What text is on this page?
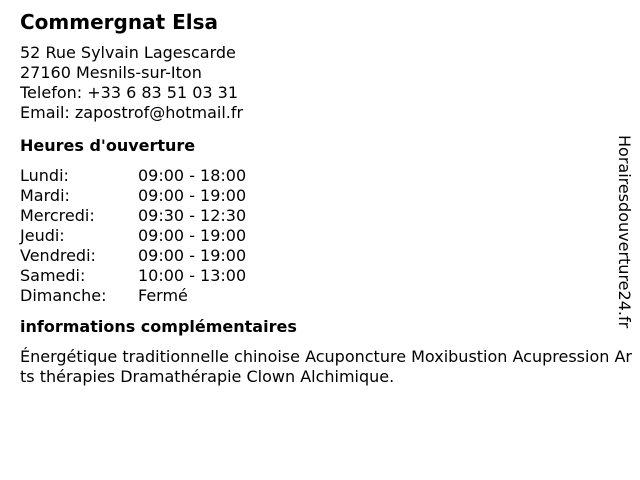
Commergnat Elsa
52 Rue Sylvain Lagescarde
27160 Mesnils-sur-Iton
Telefon: +33 6 83 51 03 31
Email: zapostrof@hotmail.fr
Heures d'ouverture
Lundi:	09:00 - 18:00
Mardi:	09:00 - 19:00
Mercredi:	09:30 - 12:30
Jeudi:	09:00 - 19:00
Vendredi:	09:00 - 19:00
Samedi:	10:00 - 13:00
Dimanche:	Fermé
informations complémentaires
Énergétique traditionnelle chinoise Acuponcture Moxibustion Acupression Arts thérapies Dramathérapie Clown Alchimique.
Horairesdouverture24.fr
